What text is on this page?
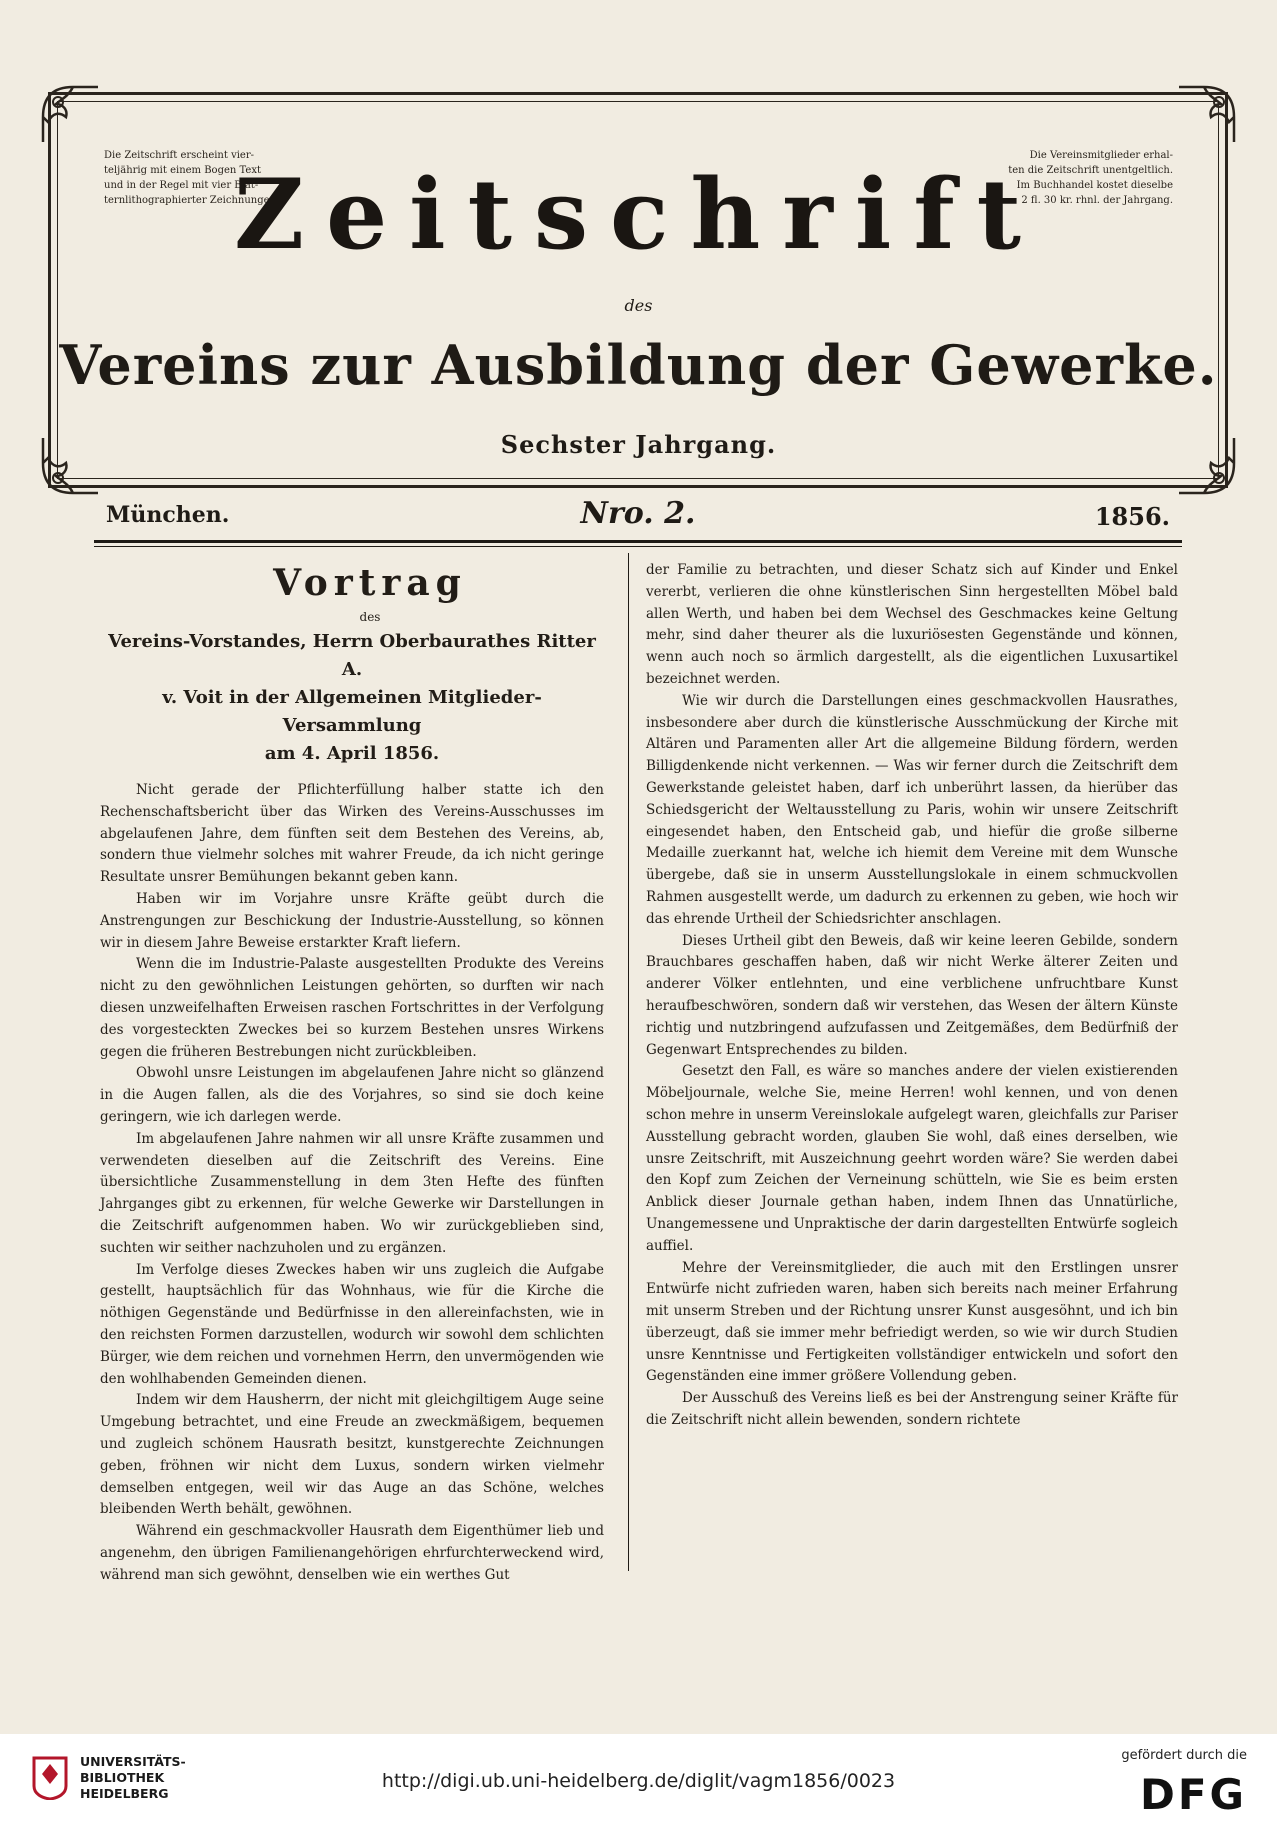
Die Zeitschrift erscheint vier-
teljährig mit einem Bogen Text
und in der Regel mit vier Blät-
ternlithographierter Zeichnungen.
Die Vereinsmitglieder erhal-
ten die Zeitschrift unentgeltlich.
Im Buchhandel kostet dieselbe
2 fl. 30 kr. rhnl. der Jahrgang.
Zeitschrift
des
Vereins zur Ausbildung der Gewerke.
Sechster Jahrgang.
München.	Nro. 2.	1856.

Vortrag

des

Vereins-Vorstandes, Herrn Oberbaurathes Ritter A.
v. Voit in der Allgemeinen Mitglieder-Versammlung
am 4. April 1856.

Nicht gerade der Pflichterfüllung halber statte ich den Rechenschaftsbericht über das Wirken des Vereins-Ausschusses im abgelaufenen Jahre, dem fünften seit dem Bestehen des Vereins, ab, sondern thue vielmehr solches mit wahrer Freude, da ich nicht geringe Resultate unsrer Bemühungen bekannt geben kann.

Haben wir im Vorjahre unsre Kräfte geübt durch die Anstrengungen zur Beschickung der Industrie-Ausstellung, so können wir in diesem Jahre Beweise erstarkter Kraft liefern.

Wenn die im Industrie-Palaste ausgestellten Produkte des Vereins nicht zu den gewöhnlichen Leistungen gehörten, so durften wir nach diesen unzweifelhaften Erweisen raschen Fortschrittes in der Verfolgung des vorgesteckten Zweckes bei so kurzem Bestehen unsres Wirkens gegen die früheren Bestrebungen nicht zurückbleiben.

Obwohl unsre Leistungen im abgelaufenen Jahre nicht so glänzend in die Augen fallen, als die des Vorjahres, so sind sie doch keine geringern, wie ich darlegen werde.

Im abgelaufenen Jahre nahmen wir all unsre Kräfte zusammen und verwendeten dieselben auf die Zeitschrift des Vereins. Eine übersichtliche Zusammenstellung in dem 3ten Hefte des fünften Jahrganges gibt zu erkennen, für welche Gewerke wir Darstellungen in die Zeitschrift aufgenommen haben. Wo wir zurückgeblieben sind, suchten wir seither nachzuholen und zu ergänzen.

Im Verfolge dieses Zweckes haben wir uns zugleich die Aufgabe gestellt, hauptsächlich für das Wohnhaus, wie für die Kirche die nöthigen Gegenstände und Bedürfnisse in den allereinfachsten, wie in den reichsten Formen darzustellen, wodurch wir sowohl dem schlichten Bürger, wie dem reichen und vornehmen Herrn, den unvermögenden wie den wohlhabenden Gemeinden dienen.

Indem wir dem Hausherrn, der nicht mit gleichgiltigem Auge seine Umgebung betrachtet, und eine Freude an zweckmäßigem, bequemen und zugleich schönem Hausrath besitzt, kunstgerechte Zeichnungen geben, fröhnen wir nicht dem Luxus, sondern wirken vielmehr demselben entgegen, weil wir das Auge an das Schöne, welches bleibenden Werth behält, gewöhnen.

Während ein geschmackvoller Hausrath dem Eigenthümer lieb und angenehm, den übrigen Familienangehörigen ehrfurchterweckend wird, während man sich gewöhnt, denselben wie ein werthes Gut

der Familie zu betrachten, und dieser Schatz sich auf Kinder und Enkel vererbt, verlieren die ohne künstlerischen Sinn hergestellten Möbel bald allen Werth, und haben bei dem Wechsel des Geschmackes keine Geltung mehr, sind daher theurer als die luxuriösesten Gegenstände und können, wenn auch noch so ärmlich dargestellt, als die eigentlichen Luxusartikel bezeichnet werden.

Wie wir durch die Darstellungen eines geschmackvollen Hausrathes, insbesondere aber durch die künstlerische Ausschmückung der Kirche mit Altären und Paramenten aller Art die allgemeine Bildung fördern, werden Billigdenkende nicht verkennen. — Was wir ferner durch die Zeitschrift dem Gewerkstande geleistet haben, darf ich unberührt lassen, da hierüber das Schiedsgericht der Weltausstellung zu Paris, wohin wir unsere Zeitschrift eingesendet haben, den Entscheid gab, und hiefür die große silberne Medaille zuerkannt hat, welche ich hiemit dem Vereine mit dem Wunsche übergebe, daß sie in unserm Ausstellungslokale in einem schmuckvollen Rahmen ausgestellt werde, um dadurch zu erkennen zu geben, wie hoch wir das ehrende Urtheil der Schiedsrichter anschlagen.

Dieses Urtheil gibt den Beweis, daß wir keine leeren Gebilde, sondern Brauchbares geschaffen haben, daß wir nicht Werke älterer Zeiten und anderer Völker entlehnten, und eine verblichene unfruchtbare Kunst heraufbeschwören, sondern daß wir verstehen, das Wesen der ältern Künste richtig und nutzbringend aufzufassen und Zeitgemäßes, dem Bedürfniß der Gegenwart Entsprechendes zu bilden.

Gesetzt den Fall, es wäre so manches andere der vielen existierenden Möbeljournale, welche Sie, meine Herren! wohl kennen, und von denen schon mehre in unserm Vereinslokale aufgelegt waren, gleichfalls zur Pariser Ausstellung gebracht worden, glauben Sie wohl, daß eines derselben, wie unsre Zeitschrift, mit Auszeichnung geehrt worden wäre? Sie werden dabei den Kopf zum Zeichen der Verneinung schütteln, wie Sie es beim ersten Anblick dieser Journale gethan haben, indem Ihnen das Unnatürliche, Unangemessene und Unpraktische der darin dargestellten Entwürfe sogleich auffiel.

Mehre der Vereinsmitglieder, die auch mit den Erstlingen unsrer Entwürfe nicht zufrieden waren, haben sich bereits nach meiner Erfahrung mit unserm Streben und der Richtung unsrer Kunst ausgesöhnt, und ich bin überzeugt, daß sie immer mehr befriedigt werden, so wie wir durch Studien unsre Kenntnisse und Fertigkeiten vollständiger entwickeln und sofort den Gegenständen eine immer größere Vollendung geben.

Der Ausschuß des Vereins ließ es bei der Anstrengung seiner Kräfte für die Zeitschrift nicht allein bewenden, sondern richtete

UNIVERSITÄTS-
BIBLIOTHEK
HEIDELBERG
http://digi.ub.uni-heidelberg.de/diglit/vagm1856/0023
gefördert durch die
DFG
